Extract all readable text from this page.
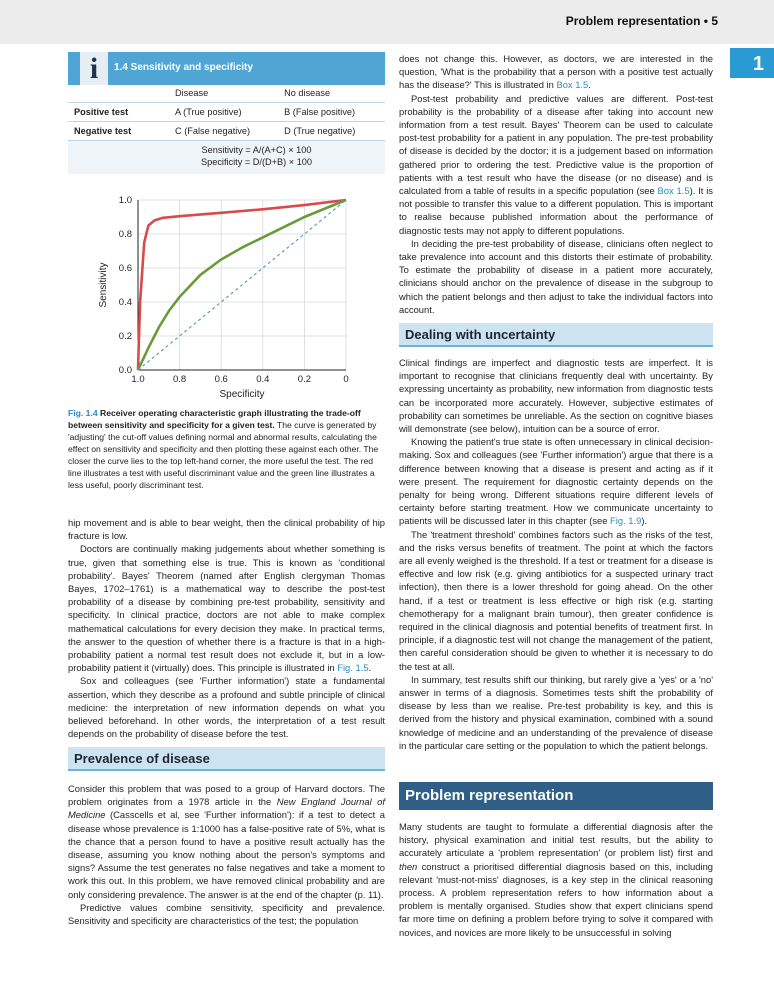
Problem representation • 5
1
i	1.4 Sensitivity and specificity
	Disease	No disease
Positive test	A (True positive)	B (False positive)
Negative test	C (False negative)	D (True negative)
Sensitivity = A/(A+C) × 100
Specificity = D/(D+B) × 100
1.0	0.8	0.6	0.4	0.2	0
0.0
0.2
0.4
0.6
0.8
1.0
Specificity
Sensitivity
Fig. 1.4 Receiver operating characteristic graph illustrating the trade-off between sensitivity and specificity for a given test. The curve is generated by 'adjusting' the cut-off values defining normal and abnormal results, calculating the effect on sensitivity and specificity and then plotting these against each other. The closer the curve lies to the top left-hand corner, the more useful the test. The red line illustrates a test with useful discriminant value and the green line illustrates a less useful, poorly discriminant test.

hip movement and is able to bear weight, then the clinical probability of hip fracture is low.

Doctors are continually making judgements about whether something is true, given that something else is true. This is known as 'conditional probability'. Bayes' Theorem (named after English clergyman Thomas Bayes, 1702–1761) is a mathematical way to describe the post-test probability of a disease by combining pre-test probability, sensitivity and specificity. In clinical practice, doctors are not able to make complex mathematical calculations for every decision they make. In practical terms, the answer to the question of whether there is a fracture is that in a high-probability patient a normal test result does not exclude it, but in a low-probability patient it (virtually) does. This principle is illustrated in Fig. 1.5.

Sox and colleagues (see 'Further information') state a fundamental assertion, which they describe as a profound and subtle principle of clinical medicine: the interpretation of new information depends on what you believed beforehand. In other words, the interpretation of a test result depends on the probability of disease before the test.

Prevalence of disease

Consider this problem that was posed to a group of Harvard doctors. The problem originates from a 1978 article in the New England Journal of Medicine (Casscells et al, see 'Further information'): if a test to detect a disease whose prevalence is 1:1000 has a false-positive rate of 5%, what is the chance that a person found to have a positive result actually has the disease, assuming you know nothing about the person's symptoms and signs? Assume the test generates no false negatives and take a moment to work this out. In this problem, we have removed clinical probability and are only considering prevalence. The answer is at the end of the chapter (p. 11).

Predictive values combine sensitivity, specificity and prevalence. Sensitivity and specificity are characteristics of the test; the population

does not change this. However, as doctors, we are interested in the question, 'What is the probability that a person with a positive test actually has the disease?' This is illustrated in Box 1.5.

Post-test probability and predictive values are different. Post-test probability is the probability of a disease after taking into account new information from a test result. Bayes' Theorem can be used to calculate post-test probability for a patient in any population. The pre-test probability of disease is decided by the doctor; it is a judgement based on information gathered prior to ordering the test. Predictive value is the proportion of patients with a test result who have the disease (or no disease) and is calculated from a table of results in a specific population (see Box 1.5). It is not possible to transfer this value to a different population. This is important to realise because published information about the performance of diagnostic tests may not apply to different populations.

In deciding the pre-test probability of disease, clinicians often neglect to take prevalence into account and this distorts their estimate of probability. To estimate the probability of disease in a patient more accurately, clinicians should anchor on the prevalence of disease in the subgroup to which the patient belongs and then adjust to take the individual factors into account.

Dealing with uncertainty

Clinical findings are imperfect and diagnostic tests are imperfect. It is important to recognise that clinicians frequently deal with uncertainty. By expressing uncertainty as probability, new information from diagnostic tests can be incorporated more accurately. However, subjective estimates of probability can sometimes be unreliable. As the section on cognitive biases will demonstrate (see below), intuition can be a source of error.

Knowing the patient's true state is often unnecessary in clinical decision-making. Sox and colleagues (see 'Further information') argue that there is a difference between knowing that a disease is present and acting as if it were present. The requirement for diagnostic certainty depends on the penalty for being wrong. Different situations require different levels of certainty before starting treatment. How we communicate uncertainty to patients will be discussed later in this chapter (see Fig. 1.9).

The 'treatment threshold' combines factors such as the risks of the test, and the risks versus benefits of treatment. The point at which the factors are all evenly weighed is the threshold. If a test or treatment for a disease is effective and low risk (e.g. giving antibiotics for a suspected urinary tract infection), then there is a lower threshold for going ahead. On the other hand, if a test or treatment is less effective or high risk (e.g. starting chemotherapy for a malignant brain tumour), then greater confidence is required in the clinical diagnosis and potential benefits of treatment first. In principle, if a diagnostic test will not change the management of the patient, then careful consideration should be given to whether it is necessary to do the test at all.

In summary, test results shift our thinking, but rarely give a 'yes' or a 'no' answer in terms of a diagnosis. Sometimes tests shift the probability of disease by less than we realise. Pre-test probability is key, and this is derived from the history and physical examination, combined with a sound knowledge of medicine and an understanding of the prevalence of disease in the particular care setting or the population to which the patient belongs.

Problem representation

Many students are taught to formulate a differential diagnosis after the history, physical examination and initial test results, but the ability to accurately articulate a 'problem representation' (or problem list) first and then construct a prioritised differential diagnosis based on this, including relevant 'must-not-miss' diagnoses, is a key step in the clinical reasoning process. A problem representation refers to how information about a problem is mentally organised. Studies show that expert clinicians spend far more time on defining a problem before trying to solve it compared with novices, and novices are more likely to be unsuccessful in solving
